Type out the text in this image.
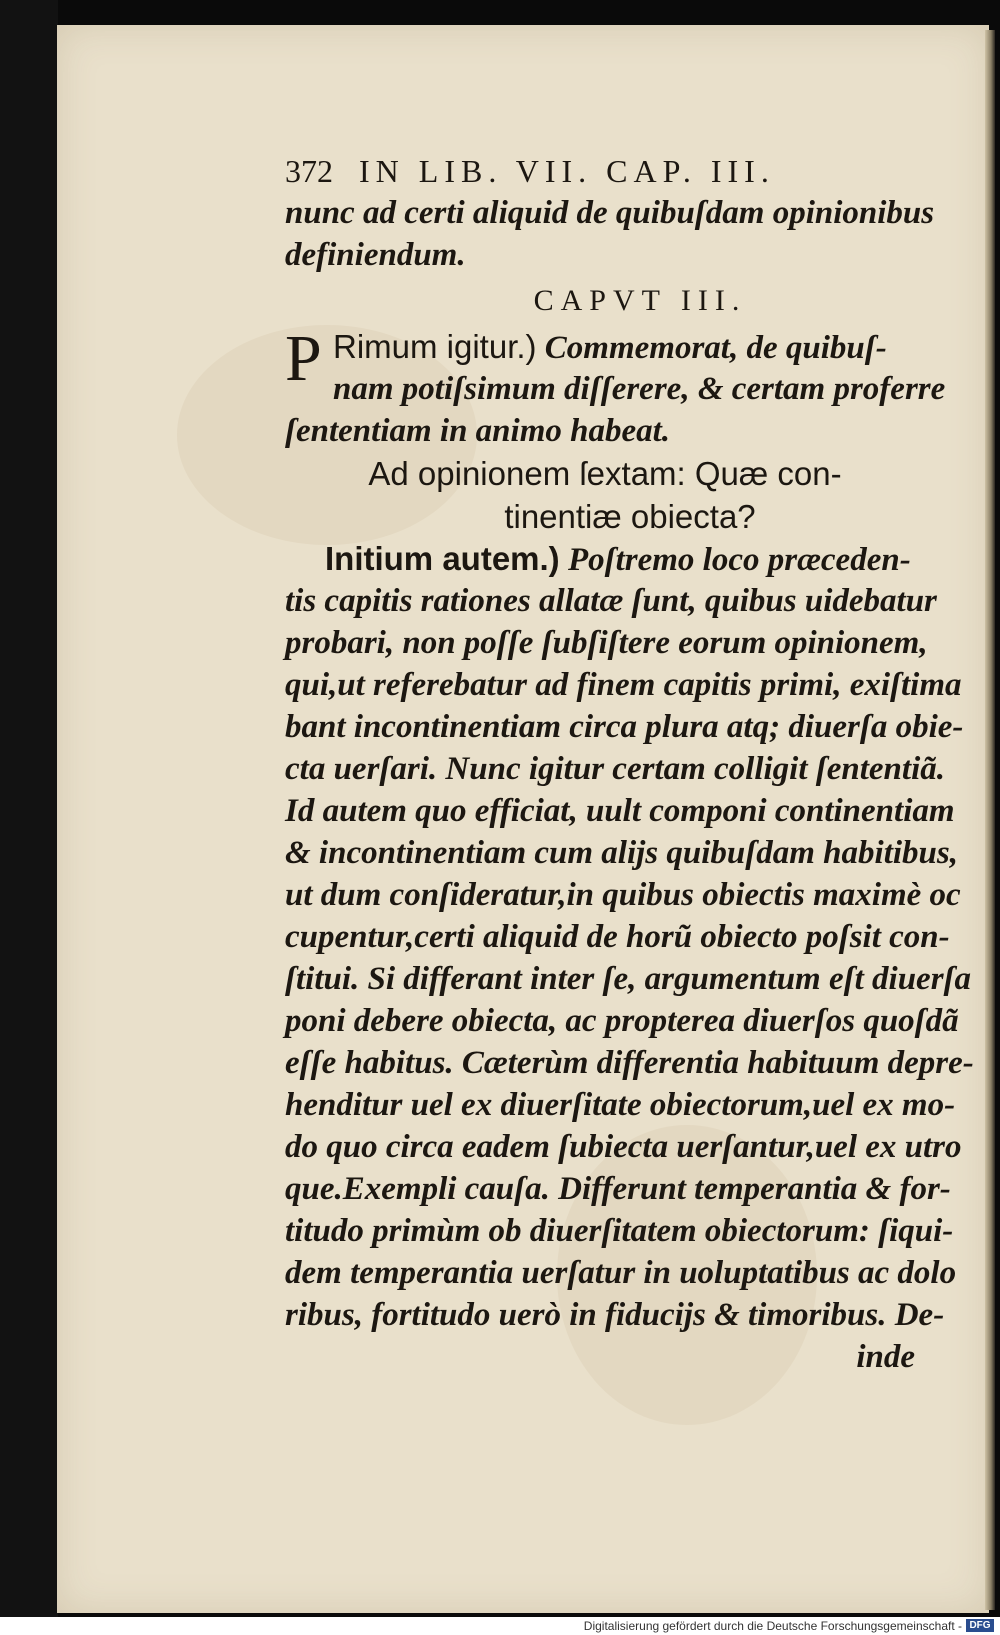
372 IN LIB. VII. CAP. III.
nunc ad certi aliquid de quibuſdam opinionibus
definiendum.
CAPVT III.
P Rimum igitur.) Commemorat, de quibuſ-
nam potiſsimum diſſerere, & certam proferre
ſententiam in animo habeat.
Ad opinionem ſextam: Quæ con-
tinentiæ obiecta?
Initium autem.) Poſtremo loco præceden-
tis capitis rationes allatæ ſunt, quibus uidebatur
probari, non poſſe ſubſiſtere eorum opinionem,
qui,ut referebatur ad finem capitis primi, exiſtima
bant incontinentiam circa plura atq; diuerſa obie-
cta uerſari. Nunc igitur certam colligit ſententiã.
Id autem quo efficiat, uult componi continentiam
& incontinentiam cum alijs quibuſdam habitibus,
ut dum conſideratur,in quibus obiectis maximè oc
cupentur,certi aliquid de horũ obiecto poſsit con-
ſtitui. Si differant inter ſe, argumentum eſt diuerſa
poni debere obiecta, ac propterea diuerſos quoſdã
eſſe habitus. Cæterùm differentia habituum depre-
henditur uel ex diuerſitate obiectorum,uel ex mo-
do quo circa eadem ſubiecta uerſantur,uel ex utro
que.Exempli cauſa. Differunt temperantia & for-
titudo primùm ob diuerſitatem obiectorum: ſiqui-
dem temperantia uerſatur in uoluptatibus ac dolo
ribus, fortitudo uerò in fiducijs & timoribus. De-
inde
Digitalisierung gefördert durch die Deutsche Forschungsgemeinschaft - DFG
